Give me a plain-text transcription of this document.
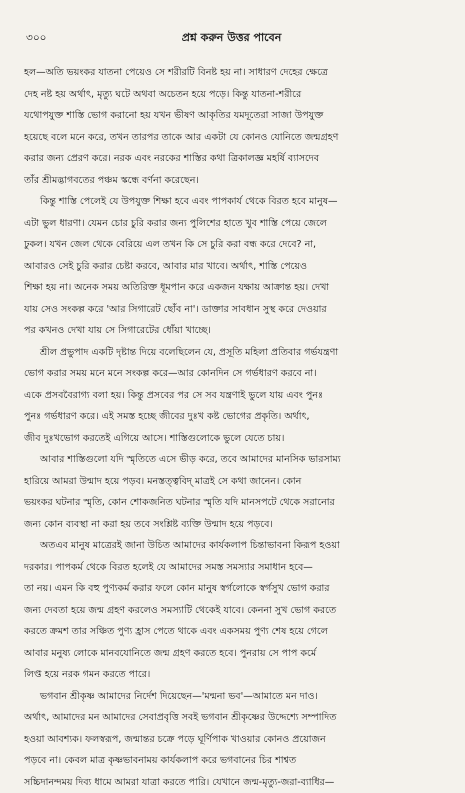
৩০০	প্রশ্ন করুন উত্তর পাবেন
হল—অতি ভয়ংকর যাতনা পেয়েও সে শরীরটি বিনষ্ট হয় না। সাধারণ দেহের ক্ষেত্রে
দেহ নষ্ট হয় অর্থাৎ, মৃত্যু ঘটে অথবা অচেতন হয়ে পড়ে। কিন্তু যাতনা-শরীরে
যথোপযুক্ত শাস্তি ভোগ করানো হয় যখন ভীষণ আকৃতির যমদূতেরা সাজা উপযুক্ত
হয়েছে বলে মনে করে, তখন তারপর তাকে আর একটা যে কোনও যোনিতে জন্মগ্রহণ
করার জন্য প্রেরণ করে। নরক এবং নরকের শাস্তির কথা ত্রিকালজ্ঞ মহর্ষি ব্যাসদেব
তাঁর শ্রীমদ্ভাগবতের পঞ্চম স্কন্ধে বর্ণনা করেছেন।
কিন্তু শাস্তি পেলেই যে উপযুক্ত শিক্ষা হবে এবং পাপকার্য থেকে বিরত হবে মানুষ—
এটা ভুল ধারণা। যেমন চোর চুরি করার জন্য পুলিশের হাতে খুব শাস্তি পেয়ে জেলে
ঢুকল। যখন জেল থেকে বেরিয়ে এল তখন কি সে চুরি করা বন্ধ করে দেবে? না,
আবারও সেই চুরি করার চেষ্টা করবে, আবার মার খাবে। অর্থাৎ, শাস্তি পেয়েও
শিক্ষা হয় না। অনেক সময় অতিরিক্ত ধূমপান করে একজন যক্ষায় আক্রান্ত হয়। দেখা
যায় সেও সংকল্প করে 'আর সিগারেট ছোঁব না'। ডাক্তার সাবধান সুস্থ করে দেওয়ার
পর কখনও দেখা যায় সে সিগারেটের ধোঁয়া খাচ্ছে।
শ্রীল প্রভুপাদ একটি দৃষ্টান্ত দিয়ে বলেছিলেন যে, প্রসূতি মহিলা প্রতিবার গর্ভযন্ত্রণা
ভোগ করার সময় মনে মনে সংকল্প করে—আর কোনদিন সে গর্ভধারণ করবে না।
একে প্রসববৈরাগ্য বলা হয়। কিন্তু প্রসবের পর সে সব যন্ত্রণাই ভুলে যায় এবং পুনঃ
পুনঃ গর্ভধারণ করে। এই সমস্ত হচ্ছে জীবের দুঃখ কষ্ট ভোগের প্রকৃতি। অর্থাৎ,
জীব দুঃখভোগ করতেই এগিয়ে আসে। শাস্তিগুলোকে ভুলে যেতে চায়।
আবার শাস্তিগুলো যদি স্মৃতিতে এসে ভীড় করে, তবে আমাদের মানসিক ভারসাম্য
হারিয়ে আমরা উন্মাদ হয়ে পড়ব। মনস্তত্ত্ববিদ্ মাত্রই সে কথা জানেন। কোন
ভয়ংকর ঘটনার স্মৃতি, কোন শোকজনিত ঘটনার স্মৃতি যদি মানসপটে থেকে সরানোর
জন্য কোন ব্যবস্থা না করা হয় তবে সংশ্লিষ্ট ব্যক্তি উন্মাদ হয়ে পড়বে।
অতএব মানুষ মাত্রেরই জানা উচিত আমাদের কার্যকলাপ চিন্তাভাবনা কিরূপ হওয়া
দরকার। পাপকর্ম থেকে বিরত হলেই যে আমাদের সমস্ত সমস্যার সমাধান হবে—
তা নয়। এমন কি বহু পুণ্যকর্ম করার ফলে কোন মানুষ স্বর্গলোকে স্বর্গসুখ ভোগ করার
জন্য দেবতা হয়ে জন্ম গ্রহণ করলেও সমস্যাটি থেকেই যাবে। কেননা সুখ ভোগ করতে
করতে ক্রমশ তার সঞ্চিত পুণ্য হ্রাস পেতে থাকে এবং একসময় পুণ্য শেষ হয়ে গেলে
আবার মনুষ্য লোকে মানবযোনিতে জন্ম গ্রহণ করতে হবে। পুনরায় সে পাপ কর্মে
লিপ্ত হয়ে নরক গমন করতে পারে।
ভগবান শ্রীকৃষ্ণ আমাদের নির্দেশ দিয়েছেন—'মন্মনা ভব'—আমাতে মন দাও।
অর্থাৎ, আমাদের মন আমাদের সেবাপ্রবৃত্তি সবই ভগবান শ্রীকৃষ্ণের উদ্দেশ্যে সম্পাদিত
হওয়া আবশ্যক। ফলস্বরূপ, জন্মান্তর চক্রে পড়ে ঘূর্ণিপাক খাওয়ার কোনও প্রয়োজন
পড়বে না। কেবল মাত্র কৃষ্ণভাবনাময় কার্যকলাপ করে ভগবানের চির শাশ্বত
সচ্চিদানন্দময় দিব্য ধামে আমরা যাত্রা করতে পারি। যেখানে জন্ম-মৃত্যু-জরা-ব্যাধির—
